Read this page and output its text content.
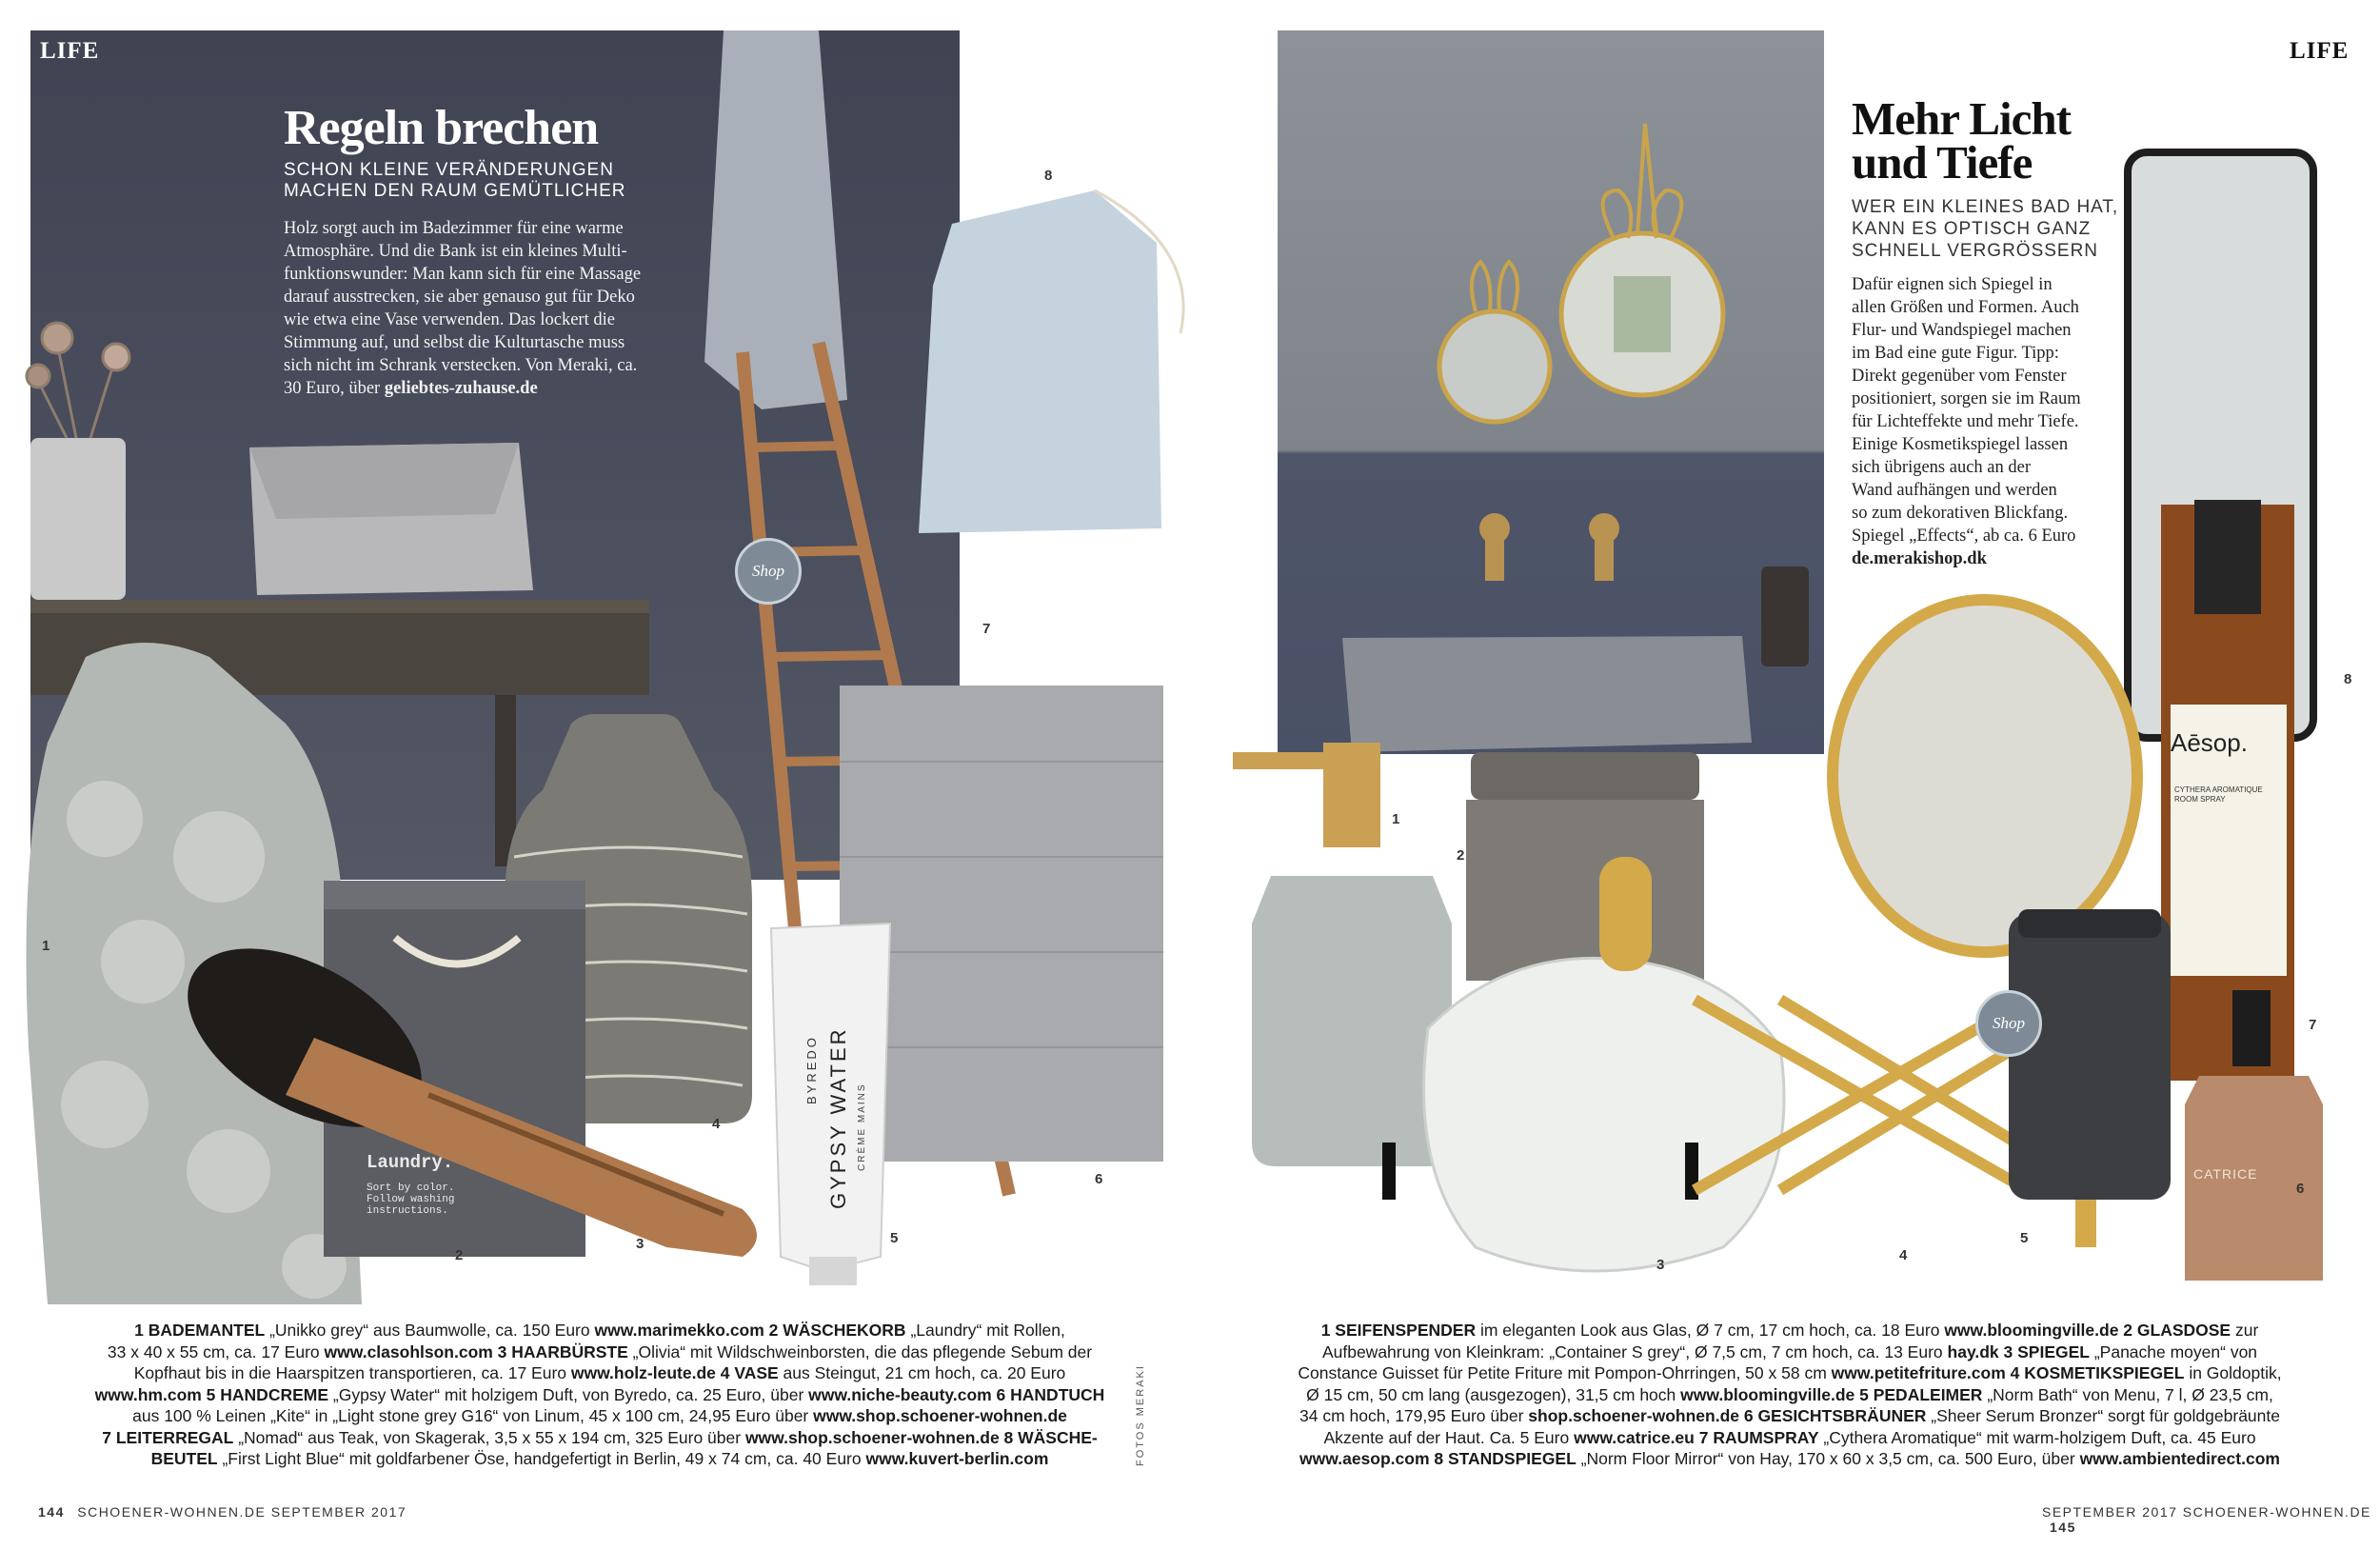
Laundry.
Sort by color.
Follow washing
instructions.
BYREDO GYPSY WATER CRÈME MAINS
LIFE
Regeln brechen
SCHON KLEINE VERÄNDERUNGEN
MACHEN DEN RAUM GEMÜTLICHER
Holz sorgt auch im Badezimmer für eine warme
Atmosphäre. Und die Bank ist ein kleines Multi-
funktionswunder: Man kann sich für eine Massage
darauf ausstrecken, sie aber genauso gut für Deko
wie etwa eine Vase verwenden. Das lockert die
Stimmung auf, und selbst die Kulturtasche muss
sich nicht im Schrank verstecken. Von Meraki, ca.
30 Euro, über geliebtes-zuhause.de
Shop
1
2
3
4
5
6
7
8
1 BADEMANTEL „Unikko grey“ aus Baumwolle, ca. 150 Euro www.marimekko.com 2 WÄSCHEKORB „Laundry“ mit Rollen,
33 x 40 x 55 cm, ca. 17 Euro www.clasohlson.com 3 HAARBÜRSTE „Olivia“ mit Wildschweinborsten, die das pflegende Sebum der
Kopfhaut bis in die Haarspitzen transportieren, ca. 17 Euro www.holz-leute.de 4 VASE aus Steingut, 21 cm hoch, ca. 20 Euro
www.hm.com 5 HANDCREME „Gypsy Water“ mit holzigem Duft, von Byredo, ca. 25 Euro, über www.niche-beauty.com 6 HANDTUCH
aus 100 % Leinen „Kite“ in „Light stone grey G16“ von Linum, 45 x 100 cm, 24,95 Euro über www.shop.schoener-wohnen.de
7 LEITERREGAL „Nomad“ aus Teak, von Skagerak, 3,5 x 55 x 194 cm, 325 Euro über www.shop.schoener-wohnen.de 8 WÄSCHE-
BEUTEL „First Light Blue“ mit goldfarbener Öse, handgefertigt in Berlin, 49 x 74 cm, ca. 40 Euro www.kuvert-berlin.com	FOTOS MERAKI
144 SCHOENER-WOHNEN.DE SEPTEMBER 2017
Aēsop.
CYTHERA AROMATIQUE ROOM SPRAY
CATRICE
LIFE
Mehr Licht
und Tiefe
WER EIN KLEINES BAD HAT,
KANN ES OPTISCH GANZ
SCHNELL VERGRÖSSERN
Dafür eignen sich Spiegel in
allen Größen und Formen. Auch
Flur- und Wandspiegel machen
im Bad eine gute Figur. Tipp:
Direkt gegenüber vom Fenster
positioniert, sorgen sie im Raum
für Lichteffekte und mehr Tiefe.
Einige Kosmetikspiegel lassen
sich übrigens auch an der
Wand aufhängen und werden
so zum dekorativen Blickfang.
Spiegel „Effects“, ab ca. 6 Euro
de.merakishop.dk
Shop
1
2
3
4
5
6
7
8
1 SEIFENSPENDER im eleganten Look aus Glas, Ø 7 cm, 17 cm hoch, ca. 18 Euro www.bloomingville.de 2 GLASDOSE zur
Aufbewahrung von Kleinkram: „Container S grey“, Ø 7,5 cm, 7 cm hoch, ca. 13 Euro hay.dk 3 SPIEGEL „Panache moyen“ von
Constance Guisset für Petite Friture mit Pompon-Ohrringen, 50 x 58 cm www.petitefriture.com 4 KOSMETIKSPIEGEL in Goldoptik,
Ø 15 cm, 50 cm lang (ausgezogen), 31,5 cm hoch www.bloomingville.de 5 PEDALEIMER „Norm Bath“ von Menu, 7 l, Ø 23,5 cm,
34 cm hoch, 179,95 Euro über shop.schoener-wohnen.de 6 GESICHTSBRÄUNER „Sheer Serum Bronzer“ sorgt für goldgebräunte
Akzente auf der Haut. Ca. 5 Euro www.catrice.eu 7 RAUMSPRAY „Cythera Aromatique“ mit warm-holzigem Duft, ca. 45 Euro
www.aesop.com 8 STANDSPIEGEL „Norm Floor Mirror“ von Hay, 170 x 60 x 3,5 cm, ca. 500 Euro, über www.ambientedirect.com
SEPTEMBER 2017 SCHOENER-WOHNEN.DE 145
